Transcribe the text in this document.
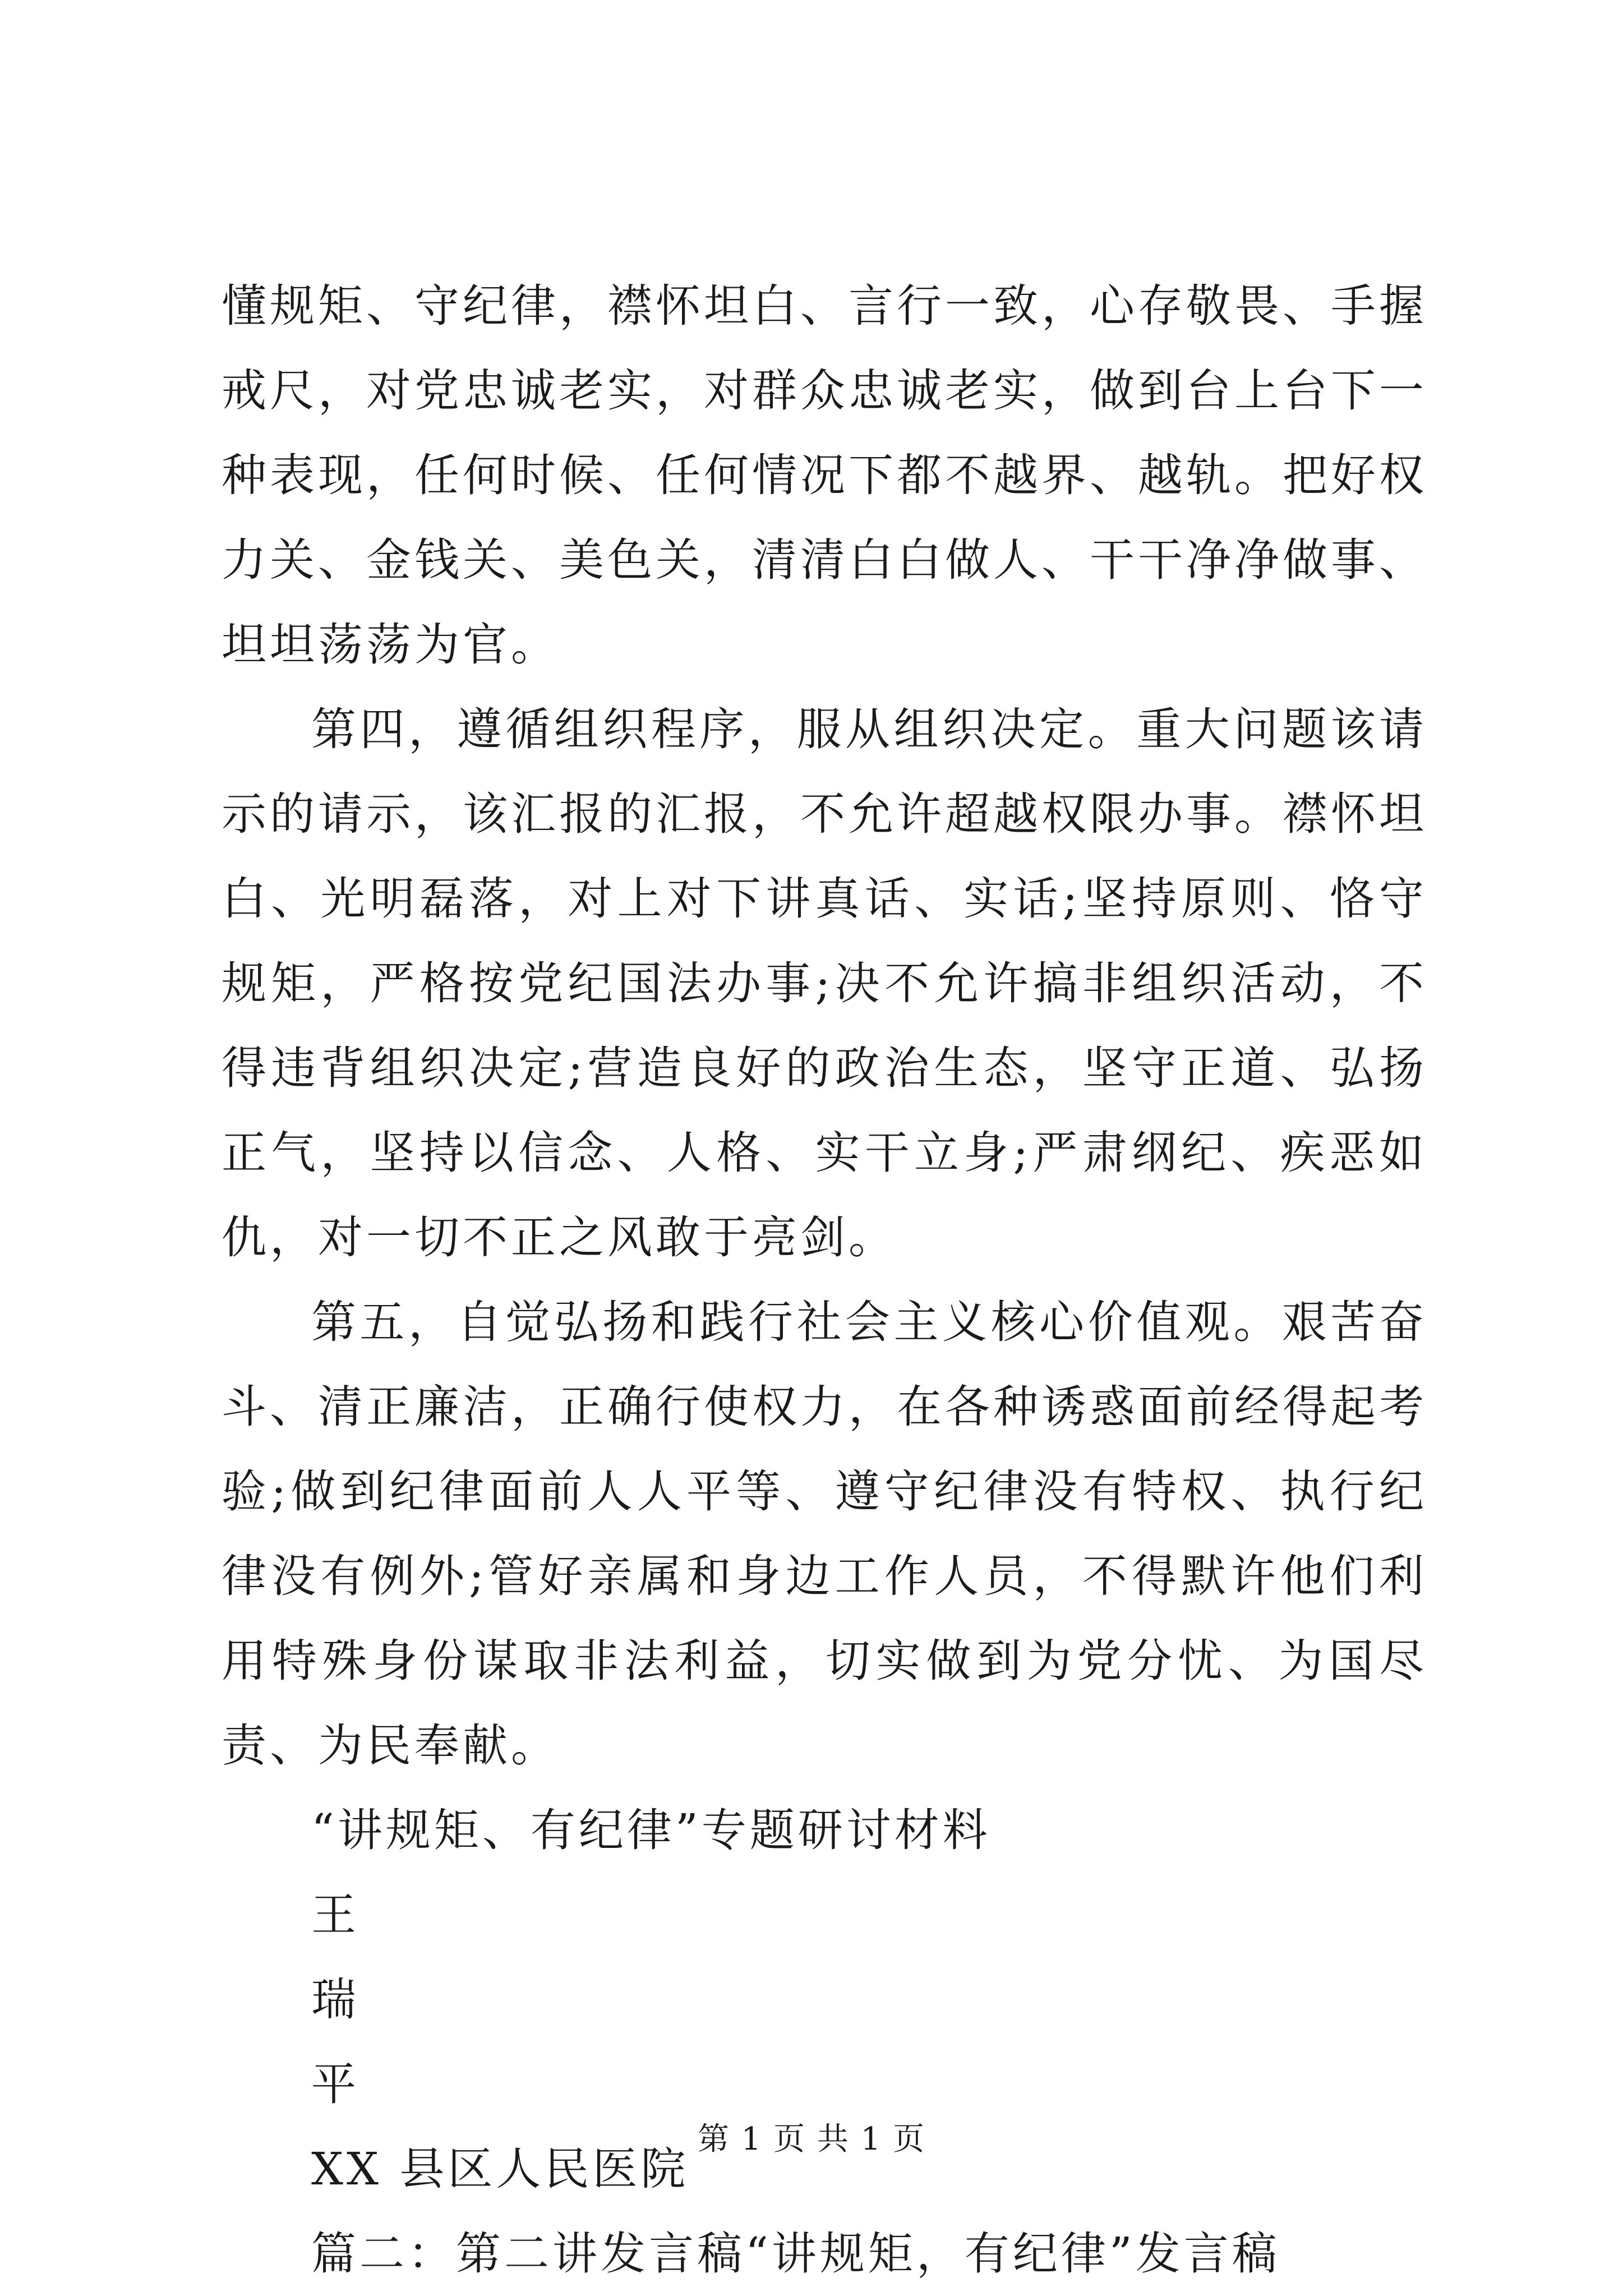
懂规矩、守纪律，襟怀坦白、言行一致，心存敬畏、手握戒尺，对党忠诚老实，对群众忠诚老实，做到台上台下一种表现，任何时候、任何情况下都不越界、越轨。把好权力关、金钱关、美色关，清清白白做人、干干净净做事、坦坦荡荡为官。

第四，遵循组织程序，服从组织决定。重大问题该请示的请示，该汇报的汇报，不允许超越权限办事。襟怀坦白、光明磊落，对上对下讲真话、实话;坚持原则、恪守规矩，严格按党纪国法办事;决不允许搞非组织活动，不得违背组织决定;营造良好的政治生态，坚守正道、弘扬正气，坚持以信念、人格、实干立身;严肃纲纪、疾恶如仇，对一切不正之风敢于亮剑。

第五，自觉弘扬和践行社会主义核心价值观。艰苦奋斗、清正廉洁，正确行使权力，在各种诱惑面前经得起考验;做到纪律面前人人平等、遵守纪律没有特权、执行纪律没有例外;管好亲属和身边工作人员，不得默许他们利用特殊身份谋取非法利益，切实做到为党分忧、为国尽责、为民奉献。

“讲规矩、有纪律”专题研讨材料

王

瑞

平

XX 县区人民医院

篇二：第二讲发言稿“讲规矩，有纪律”发言稿

第 1 页 共 1 页
